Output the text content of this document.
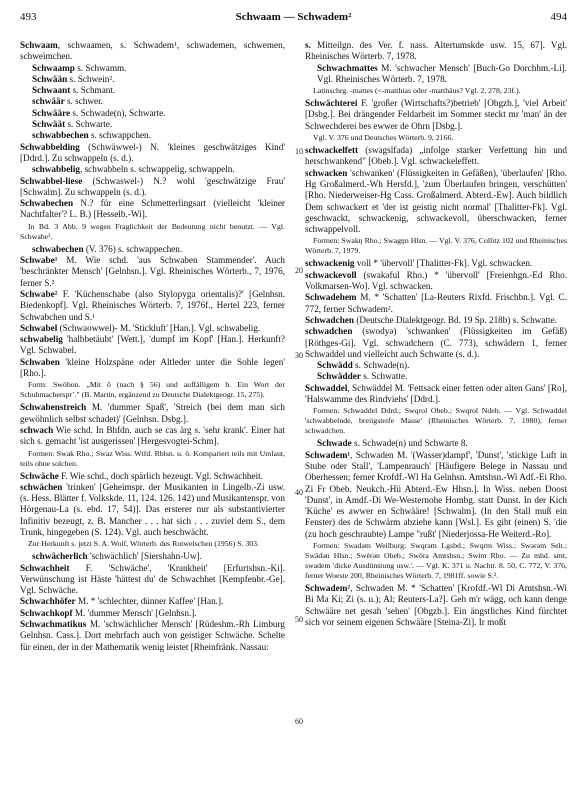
493	Schwaam — Schwadem²	494

Schwaam, schwaamen, s. Schwadem¹, schwademen, schwemen, schweimchen.

Schwaamp s. Schwamm.

Schwään s. Schwein².

Schwaant s. Schmant.

schwäär s. schwer.

Schwääre s. Schwade(n), Schwarte.

Schwäät s. Schwarte.

schwabbechen s. schwappchen.

Schwabbelding (Schwäwwel-) N. 'kleines geschwätziges Kind' [Ddrd.]. Zu schwappeln (s. d.).

schwabbelig, schwabbeln s. schwappelig, schwappeln.

Schwabbel-liese (Schwaswel-) N.? wohl 'geschwätzige Frau' [Schwalm]. Zu schwappeln (s. d.).

Schwabechen N.? für eine Schmetterlingsart (vielleicht 'kleiner Nachtfalter'? L. B.) [Hesselb.-Wi].

In Bd. 3 Abb. 9 wegen Fraglichkeit der Bedeutung nicht benutzt. — Vgl. Schwabe³.

schwabechen (V. 376) s. schwappechen.

Schwabe¹ M. Wie schd. 'aus Schwaben Stammender'. Auch 'beschränkter Mensch' [Gelnhsn.]. Vgl. Rheinisches Wörterb., 7, 1976, ferner S.²

Schwabe² F. 'Küchenschabe (also Stylopyga orientalis)?' [Gelnhsn. Biedenkopf]. Vgl. Rheinisches Wörterb. 7, 1976f., Hertel 223, ferner Schwabchen und S.¹

Schwabel (Schwaowwel)- M. 'Stickluft' [Han.]. Vgl. schwabelig.

schwabelig 'halbbetäubt' [Wett.], 'dumpf im Kopf' [Han.]. Herkunft? Vgl. Schwabel.

Schwaben 'kleine Holzspäne oder Altleder unter die Sohle legen' [Rho.].

Form: Swöbon. „Mit ŏ (nach § 56) und auffälligem b. Ein Wort der Schuhmachersprʼ." (B. Martin, ergänzend zu Deutsche Dialektgeogr. 15, 275).

Schwabenstreich M. 'dummer Spaß', 'Streich (bei dem man sich gewöhnlich selbst schadet)' [Gelnhsn. Dsbg.].

schwach Wie schd. In Bhfdn. auch se cas ärg s. 'sehr krank'. Einer hat sich s. gemacht 'ist ausgerissen' [Hergesvogtei-Schm].

Formen: Swak Rho.; Swaz Wiss. Wtfd. Rblsn. u. ö. Kompariert teils mit Umlaut, teils ohne solchen.

Schwäche F. Wie schd., doch spärlich bezeugt. Vgl. Schwachheit.

schwächen 'trinken' [Geheimspr. der Musikanten in Lingelb.-Zi usw. (s. Hess. Blätter f. Volkskde. 11, 124. 126. 142) und Musikantenspr. von Hörgenau-La (s. ebd. 17, 54)]. Das ersterer nur als substantivierter Infinitiv bezeugt, z. B. Mancher . . . hat sich . . . zuviel dem S., dem Trunk, hingegeben (S. 124). Vgl. auch beschwächt.

Zur Herkunft s. jetzt S. A. Wolf, Wörterb. des Rotwelschen (1956) S. 303.

schwächerlich 'schwächlich' [Siershahn-Uw].

Schwachheit F. 'Schwäche', 'Krankheit' [Erfurtshsn.-Ki]. Verwünschung ist Häste 'hättest du' de Schwachhet [Kempfenbr.-Ge]. Vgl. Schwäche.

Schwachhöfer M. * 'schlechter, dünner Kaffee' [Han.].

Schwachkopf M. 'dummer Mensch' [Gelnhsn.].

Schwachmatikus M. 'schwächlicher Mensch' [Rüdeshm.-Rh Limburg Gelnhsn. Cass.]. Dort mehrfach auch von geistiger Schwäche. Schelte für einen, der in der Mathematik wenig leistet [Rheinfränk. Nassau:

10
20
30
40
50
60

s. Mitteilgn. des Ver. f. nass. Altertumskde usw. 15, 67]. Vgl. Rheinisches Wörterb. 7, 1978.

Schwachmattes M. 'schwacher Mensch' [Buch-Go Dorchhm.-Li]. Vgl. Rheinisches Wörterb. 7, 1978.

Latinschrg. -mattes (<-matthias oder -matthäus? Vgl. 2, 278, 23f.).

Schwächterei F. 'großer (Wirtschafts?)betrieb' [Obgzb.], 'viel Arbeit' [Dsbg.]. Bei drängender Feldarbeit im Sommer steckt mr 'man' än der Schwechderei bes ewwer de Ohrn [Dsbg.].

Vgl. V. 376 und Deutsches Wörterb. 9, 2166.

schwackelfett (swagslfada) „infolge starker Verfettung hin und herschwankend" [Obeb.]. Vgl. schwackeleffett.

schwacken 'schwanken' (Flüssigkeiten in Gefäßen), 'überlaufen' [Rho. Hg Großalmerd.-Wh Hersfd.], 'zum Überlaufen bringen, verschütten' [Rho. Niederweiser-Hg Cass. Großalmerd. Abterd.-Ew]. Auch bildlich Dem schwackert et 'der ist geistig nicht normal' [Thalitter-Fk]. Vgl. geschwackt, schwackenig, schwackevoll, überschwacken, ferner schwappelvoll.

Formen: Swakŋ Rho.; Swagŋn Hlsn. — Vgl. V. 376, Collitz 102 und Rheinisches Wörterb. 7, 1979.

schwackenig voll * 'übervoll' [Thalitter-Fk]. Vgl. schwacken.

schwackevoll (swakəful Rho.) * 'übervoll' [Freienhgn.-Ed Rho. Volkmarsen-Wo]. Vgl. schwacken.

Schwadehem M. * 'Schatten' [La-Reuters Rixfd. Frischbn.]. Vgl. C. 772, ferner Schwadem².

Schwadchen (Deutsche Dialektgeogr. Bd. 19 Sp. 218b) s. Schwatte.

schwadchen (swodyə) 'schwanken' (Flüssigkeiten im Gefäß) [Röthges-Gi]. Vgl. schwadchern (C. 773), schwädern 1, ferner Schwaddel und vielleicht auch Schwatte (s. d.).

Schwädd s. Schwade(n).

Schwädder s. Schwatte.

Schwaddel, Schwäddel M. 'Fettsack einer fetten oder alten Gans' [Ro], 'Halswamme des Rindviehs' [Ddrd.].

Formen: Schwaddel Ddrd.; Swqrol Obeb.; Swqrol Ndeb. — Vgl. Schwaddel 'schwabbelnde, breiigsteife Masse' (Rheinisches Wörterb. 7, 1980), ferner schwadchen.

Schwade s. Schwade(n) und Schwarte 8.

Schwadem¹, Schwaden M. '(Wasser)dampf', 'Dunst', 'stickige Luft in Stube oder Stall', 'Lampenrauch' [Häufigere Belege in Nassau und Oberhessen; ferner Krofdf.-Wl Ha Gelnhsn. Amtshsn.-Wi Adf.-Ei Rho. Zi Fr Obeb. Neukch.-Hü Abterd.-Ew Hhsn.]. In Wiss. neben Doost 'Dunst', in Amdf.-Di We-Westernohe Hombg. statt Dunst. In der Kich 'Küche' es awwer en Schwääre! [Schwalm]. (In den Stall muß ein Fenster) des de Schwärm abziehe kann [Wsl.]. Es gibt (einen) S. 'die (zu hoch geschraubte) Lampe "rußt' [Niederjossa-He Weiterd.-Ro].

Formen: Swadəm Weilburg; Swqrəm Lgsbd.; Swqrm Wiss.; Swərəm Selt.; Swädən Hlsn.; Swèrən Obeb.; Swöra Amtshsn.; Swim Rho. — Zu mhd. smt, swadem 'dicke Ausdünstung usw.'. — Vgl. K. 371 u. Nachtr. 8. 50, C. 772, V. 376, ferner Woeste 200, Rheinisches Wörterb. 7, 1981ff. sowie S.².

Schwadem², Schwaden M. * 'Schatten' [Krofdf.-Wl Di Amtshsn.-Wi Bi Ma Ki; Zi (s. u.); Al; Reuters-La?]. Geh m'r wägg, och kann denge Schwääre net gesah 'sehen' [Obgzb.]. Ein ängstliches Kind fürchtet sich vor seinem eigenen Schwääre [Steina-Zi]. Ir moßt
